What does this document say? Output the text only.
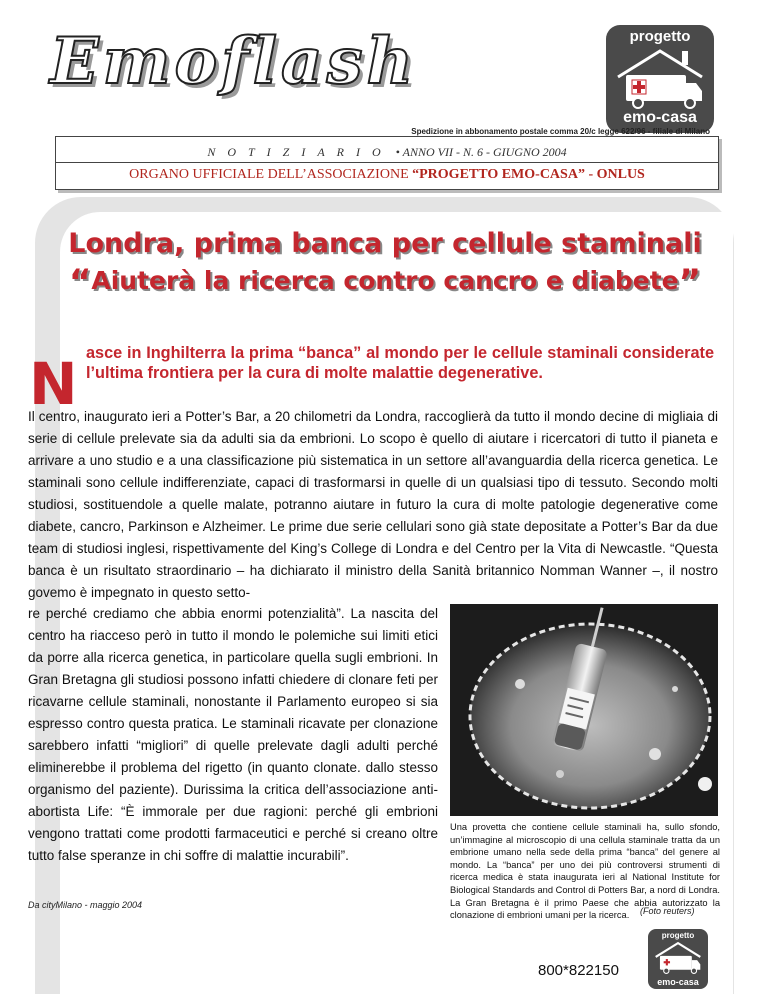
Emoflash	progetto
emo-casa
Spedizione in abbonamento postale comma 20/c legge 622/96 - filiale di Milano
NOTIZIARIO • ANNO VII - N. 6 - GIUGNO 2004
ORGANO UFFICIALE DELL’ASSOCIAZIONE “PROGETTO EMO-CASA” - ONLUS
Londra, prima banca per cellule staminali
“Aiuterà la ricerca contro cancro e diabete”
N asce in Inghilterra la prima “banca” al mondo per le cellule staminali considerate l’ultima frontiera per la cura di molte malattie degenerative.
Il centro, inaugurato ieri a Potter’s Bar, a 20 chilometri da Londra, raccoglierà da tutto il mondo decine di migliaia di serie di cellule prelevate sia da adulti sia da embrioni. Lo scopo è quello di aiutare i ricercatori di tutto il pianeta e arrivare a uno studio e a una classificazione più sistematica in un settore all’avanguardia della ricerca genetica. Le staminali sono cellule indifferenziate, capaci di trasformarsi in quelle di un qualsiasi tipo di tessuto. Secondo molti studiosi, sostituendole a quelle malate, potranno aiutare in futuro la cura di molte patologie degenerative come diabete, cancro, Parkinson e Alzheimer. Le prime due serie cellulari sono già state depositate a Potter’s Bar da due team di studiosi inglesi, rispettivamente del King’s College di Londra e del Centro per la Vita di Newcastle. “Questa banca è un risultato straordinario – ha dichiarato il ministro della Sanità britannico Nomman Wanner –, il nostro govemo è impegnato in questo setto-
re perché crediamo che abbia enormi potenzialità”. La nascita del centro ha riacceso però in tutto il mondo le polemiche sui limiti etici da porre alla ricerca genetica, in particolare quella sugli embrioni. In Gran Bretagna gli studiosi possono infatti chiedere di clonare feti per ricavarne cellule staminali, nonostante il Parlamento europeo si sia espresso contro questa pratica. Le staminali ricavate per clonazione sarebbero infatti “migliori” di quelle prelevate dagli adulti perché eliminerebbe il problema del rigetto (in quanto clonate. dallo stesso organismo del paziente). Durissima la critica dell’associazione anti-abortista Life: “È immorale per due ragioni: perché gli embrioni vengono trattati come prodotti farmaceutici e perché si creano oltre tutto false speranze in chi soffre di malattie incurabili”.
Una provetta che contiene cellule staminali ha, sullo sfondo, un’immagine al microscopio di una cellula staminale tratta da un embrione umano nella sede della prima “banca” del genere al mondo. La “banca” per uno dei più controversi strumenti di ricerca medica è stata inaugurata ieri al National Institute for Biological Standards and Control di Potters Bar, a nord di Londra. La Gran Bretagna è il primo Paese che abbia autorizzato la clonazione di embrioni umani per la ricerca.	(Foto reuters)
Da cityMilano - maggio 2004
800*822150
progetto
emo-casa
